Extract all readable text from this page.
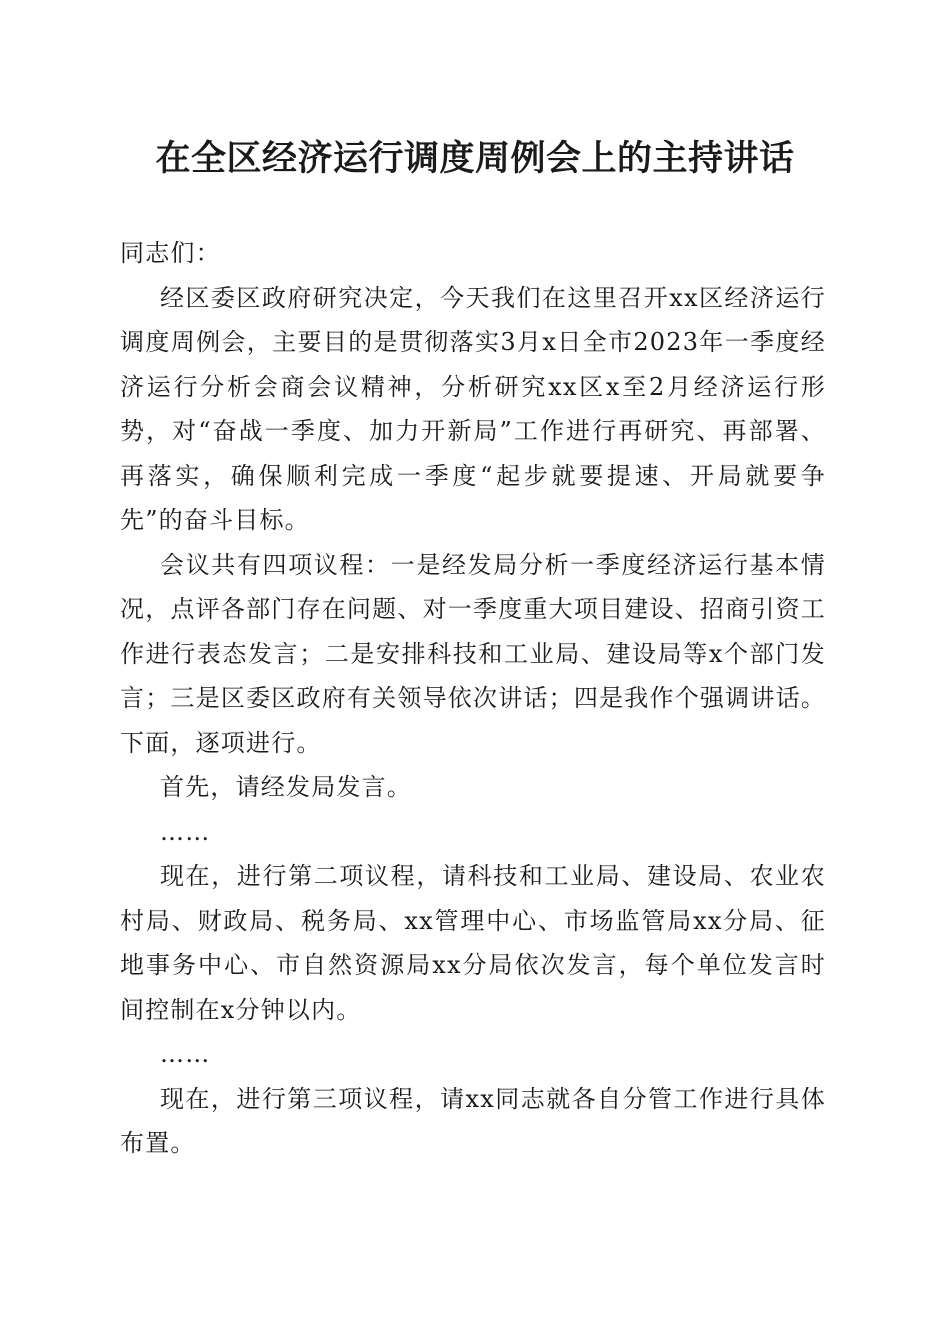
在全区经济运行调度周例会上的主持讲话

同志们：

经区委区政府研究决定，今天我们在这里召开xx区经济运行调度周例会，主要目的是贯彻落实3月x日全市2023年一季度经济运行分析会商会议精神，分析研究xx区x至2月经济运行形势，对“奋战一季度、加力开新局”工作进行再研究、再部署、再落实，确保顺利完成一季度“起步就要提速、开局就要争先”的奋斗目标。

会议共有四项议程：一是经发局分析一季度经济运行基本情况，点评各部门存在问题、对一季度重大项目建设、招商引资工作进行表态发言；二是安排科技和工业局、建设局等x个部门发言；三是区委区政府有关领导依次讲话；四是我作个强调讲话。下面，逐项进行。

首先，请经发局发言。

……

现在，进行第二项议程，请科技和工业局、建设局、农业农村局、财政局、税务局、xx管理中心、市场监管局xx分局、征地事务中心、市自然资源局xx分局依次发言，每个单位发言时间控制在x分钟以内。

……

现在，进行第三项议程，请xx同志就各自分管工作进行具体布置。
